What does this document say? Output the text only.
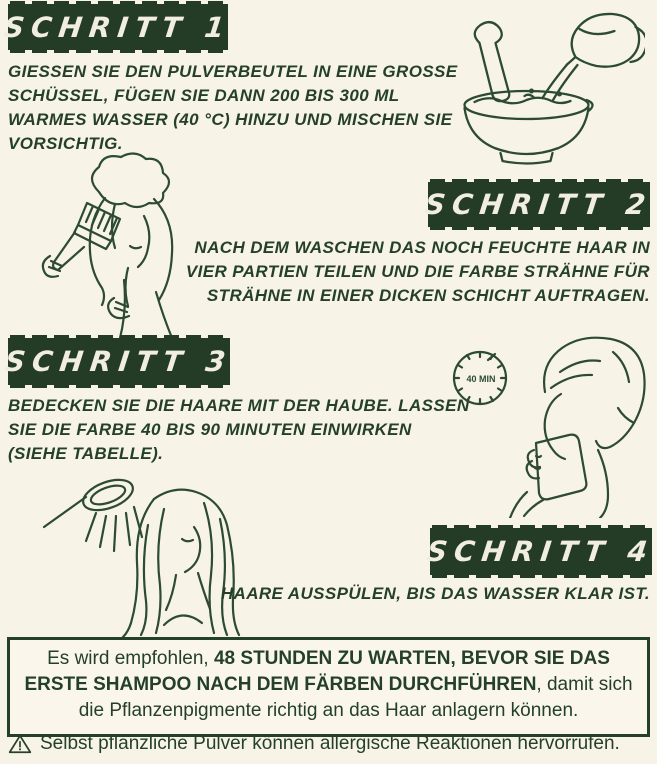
SCHRITT 1

GIESSEN SIE DEN PULVERBEUTEL IN EINE GROSSE SCHÜSSEL, FÜGEN SIE DANN 200 BIS 300 ML WARMES WASSER (40 °C) HINZU UND MISCHEN SIE VORSICHTIG.

SCHRITT 2

NACH DEM WASCHEN DAS NOCH FEUCHTE HAAR IN VIER PARTIEN TEILEN UND DIE FARBE STRÄHNE FÜR STRÄHNE IN EINER DICKEN SCHICHT AUFTRAGEN.

SCHRITT 3

BEDECKEN SIE DIE HAARE MIT DER HAUBE. LASSEN SIE DIE FARBE 40 BIS 90 MINUTEN EINWIRKEN (SIEHE TABELLE).

40 MIN
SCHRITT 4

HAARE AUSSPÜLEN, BIS DAS WASSER KLAR IST.

Es wird empfohlen, 48 STUNDEN ZU WARTEN, BEVOR SIE DAS ERSTE SHAMPOO NACH DEM FÄRBEN DURCHFÜHREN, damit sich die Pflanzenpigmente richtig an das Haar anlagern können.
Selbst pflanzliche Pulver können allergische Reaktionen hervorrufen.
